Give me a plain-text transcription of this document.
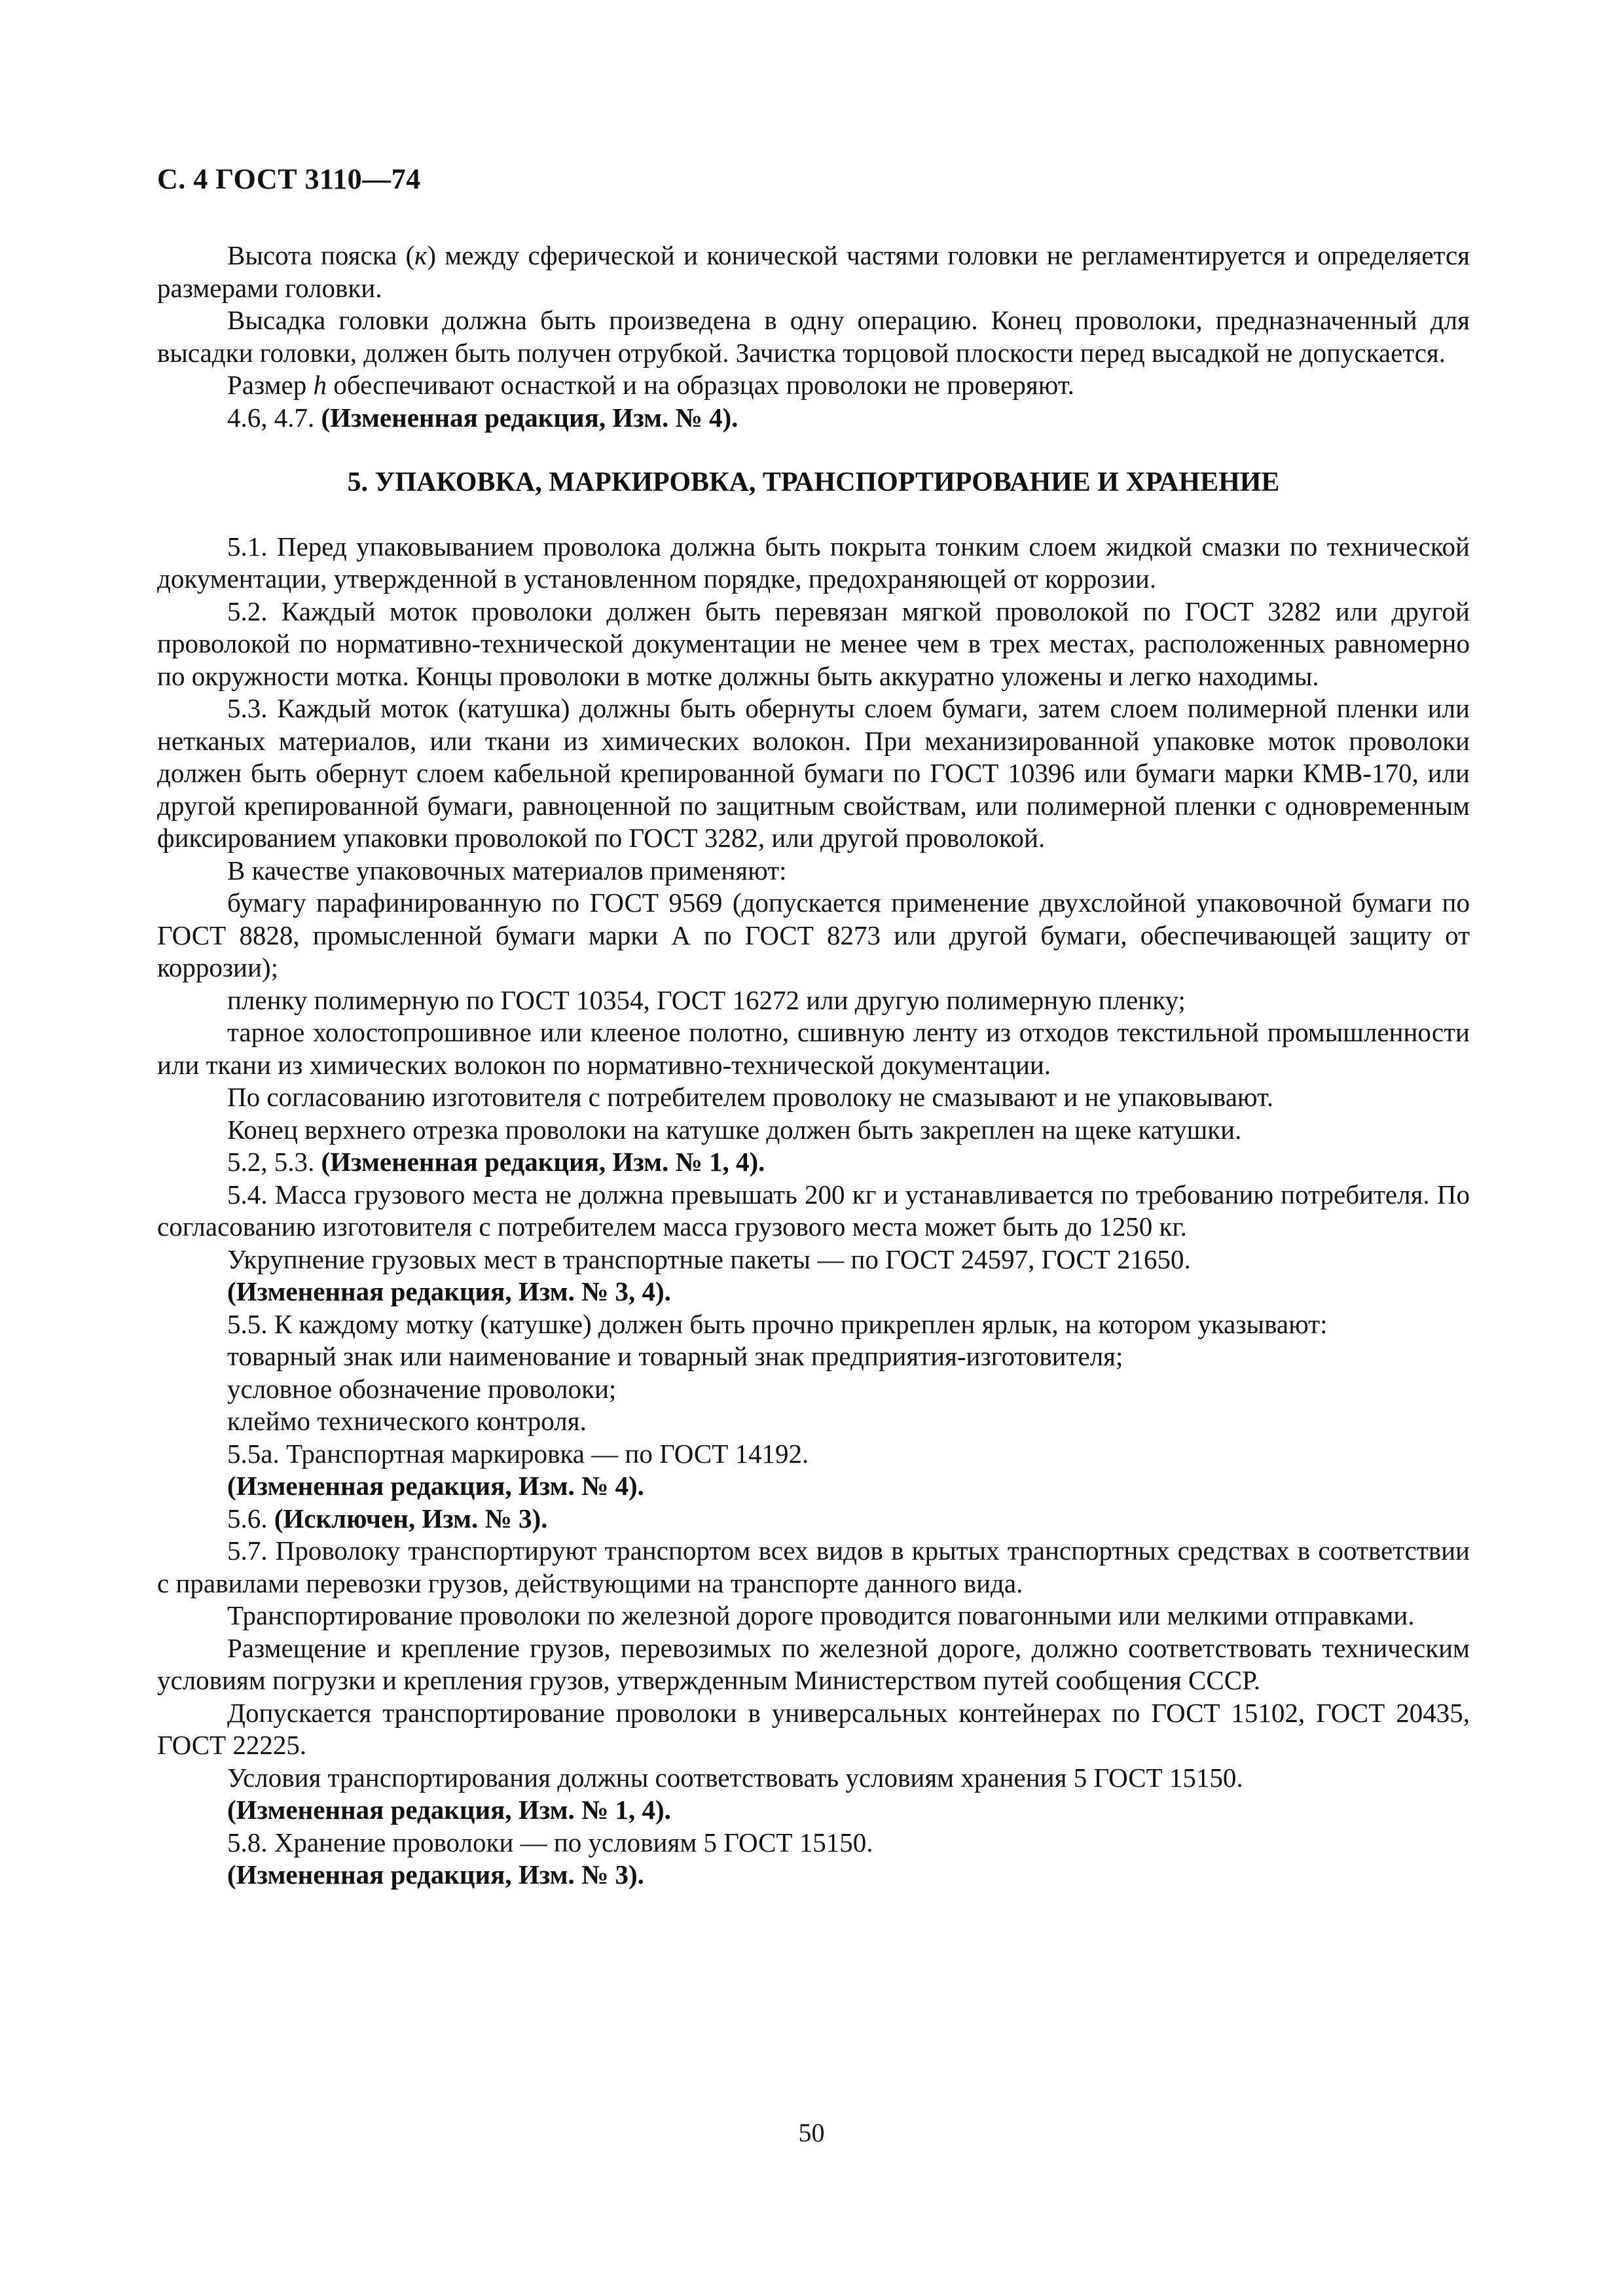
С. 4 ГОСТ 3110—74

Высота пояска (к) между сферической и конической частями головки не регламентируется и определяется размерами головки.

Высадка головки должна быть произведена в одну операцию. Конец проволоки, предназначенный для высадки головки, должен быть получен отрубкой. Зачистка торцовой плоскости перед высадкой не допускается.

Размер h обеспечивают оснасткой и на образцах проволоки не проверяют.

4.6, 4.7. (Измененная редакция, Изм. № 4).

5. УПАКОВКА, МАРКИРОВКА, ТРАНСПОРТИРОВАНИЕ И ХРАНЕНИЕ

5.1. Перед упаковыванием проволока должна быть покрыта тонким слоем жидкой смазки по технической документации, утвержденной в установленном порядке, предохраняющей от коррозии.

5.2. Каждый моток проволоки должен быть перевязан мягкой проволокой по ГОСТ 3282 или другой проволокой по нормативно-технической документации не менее чем в трех местах, расположенных равномерно по окружности мотка. Концы проволоки в мотке должны быть аккуратно уложены и легко находимы.

5.3. Каждый моток (катушка) должны быть обернуты слоем бумаги, затем слоем полимерной пленки или нетканых материалов, или ткани из химических волокон. При механизированной упаковке моток проволоки должен быть обернут слоем кабельной крепированной бумаги по ГОСТ 10396 или бумаги марки КМВ-170, или другой крепированной бумаги, равноценной по защитным свойствам, или полимерной пленки с одновременным фиксированием упаковки проволокой по ГОСТ 3282, или другой проволокой.

В качестве упаковочных материалов применяют:

бумагу парафинированную по ГОСТ 9569 (допускается применение двухслойной упаковочной бумаги по ГОСТ 8828, промысленной бумаги марки А по ГОСТ 8273 или другой бумаги, обеспечивающей защиту от коррозии);

пленку полимерную по ГОСТ 10354, ГОСТ 16272 или другую полимерную пленку;

тарное холостопрошивное или клееное полотно, сшивную ленту из отходов текстильной промышленности или ткани из химических волокон по нормативно-технической документации.

По согласованию изготовителя с потребителем проволоку не смазывают и не упаковывают.

Конец верхнего отрезка проволоки на катушке должен быть закреплен на щеке катушки.

5.2, 5.3. (Измененная редакция, Изм. № 1, 4).

5.4. Масса грузового места не должна превышать 200 кг и устанавливается по требованию потребителя. По согласованию изготовителя с потребителем масса грузового места может быть до 1250 кг.

Укрупнение грузовых мест в транспортные пакеты — по ГОСТ 24597, ГОСТ 21650.

(Измененная редакция, Изм. № 3, 4).

5.5. К каждому мотку (катушке) должен быть прочно прикреплен ярлык, на котором указывают:

товарный знак или наименование и товарный знак предприятия-изготовителя;

условное обозначение проволоки;

клеймо технического контроля.

5.5а. Транспортная маркировка — по ГОСТ 14192.

(Измененная редакция, Изм. № 4).

5.6. (Исключен, Изм. № 3).

5.7. Проволоку транспортируют транспортом всех видов в крытых транспортных средствах в соответствии с правилами перевозки грузов, действующими на транспорте данного вида.

Транспортирование проволоки по железной дороге проводится повагонными или мелкими отправками.

Размещение и крепление грузов, перевозимых по железной дороге, должно соответствовать техническим условиям погрузки и крепления грузов, утвержденным Министерством путей сообщения СССР.

Допускается транспортирование проволоки в универсальных контейнерах по ГОСТ 15102, ГОСТ 20435, ГОСТ 22225.

Условия транспортирования должны соответствовать условиям хранения 5 ГОСТ 15150.

(Измененная редакция, Изм. № 1, 4).

5.8. Хранение проволоки — по условиям 5 ГОСТ 15150.

(Измененная редакция, Изм. № 3).

50
